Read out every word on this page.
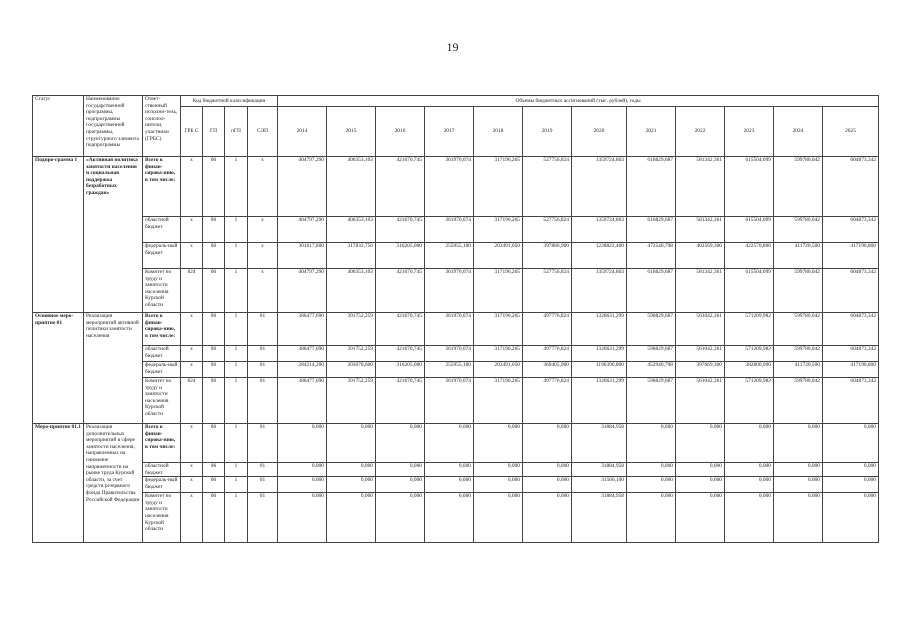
19
Статус	Наименование государственной программы, подпрограммы государственной программы, структурного элемента подпрограммы	Ответ-ственный исполни-тель, соиспол-нители, участники (ГРБС)	Код бюджетной классификации				Объемы бюджетных ассигнований (тыс. рублей), годы											
			ГРБ С	ГП	пГП	СЭП	2014	2015	2016	2017	2018	2019	2020	2021	2022	2023	2024	2025
Подпро-грамма 1	«Активная политика занятости населения и социальная поддержка безработных граждан»	Всего к финан-сирова-нию, в том числе:	x	06	1	x	404797,290	406353,103	421670,745	361970,074	317196,265	527756,824	1359724,803	616829,687	581342,361	615504,099	599780,042	604873,342
		областной бюджет	x	06	1	x	404797,290	406353,103	421670,745	361970,074	317196,265	527756,824	1359724,803	616829,687	581342,361	615504,099	599780,042	604873,342
		федераль-ный бюджет	x	06	1	x	301617,800	317832,756	316205,000	255955,100	203491,050	397886,900	1228822,400	472540,798	402569,300	422570,800	411720,500	417190,800
		Комитет по труду и занятости населения Курской области	824	06	1	x	404797,290	406353,103	421670,745	361970,074	317196,265	527756,824	1359724,803	616829,687	581342,361	615504,099	599780,042	604873,342
Основное меро-приятие 01	Реализация мероприятий активной политики занятости населения	Всего к финан-сирова-нию, в том числе:	x	06	1	01	386477,690	391752,259	421670,745	361970,074	317196,265	497776,824	1326631,299	596829,687	561042,361	571209,982	599780,042	604873,342
		областной бюджет	x	06	1	01	386477,690	391752,259	421670,745	361970,074	317196,265	497776,824	1326631,299	596829,687	561042,361	571209,982	599780,042	604873,342
		федераль-ный бюджет	x	06	1	01	284214,200	303078,600	316205,000	255955,100	203491,050	369405,900	1196390,800	452940,798	397669,300	382800,900	411720,500	417190,800
		Комитет по труду и занятости населения Курской области	824	06	1	01	386477,690	391752,259	421670,745	361970,074	317196,265	497776,824	1326631,299	596829,687	561042,361	571209,982	599780,042	604873,342
Меро-приятие 01.1	Реализация дополнительных мероприятий в сфере занятости населения, направленных на снижение напряженности на рынке труда Курской области, за счет средств резервного фонда Правительства Российской Федерации	Всего к финан-сирова-нию, в том числе:	x	06	1	01	0,000	0,000	0,000	0,000	0,000	0,000	31884,958	0,000	0,000	0,000	0,000	0,000
		областной бюджет	x	06	1	01	0,000	0,000	0,000	0,000	0,000	0,000	31884,958	0,000	0,000	0,000	0,000	0,000
		федераль-ный бюджет	x	06	1	01	0,000	0,000	0,000	0,000	0,000	0,000	31566,100	0,000	0,000	0,000	0,000	0,000
		Комитет по труду и занятости населения Курской области	x	06	1	01	0,000	0,000	0,000	0,000	0,000	0,000	31884,958	0,000	0,000	0,000	0,000	0,000
